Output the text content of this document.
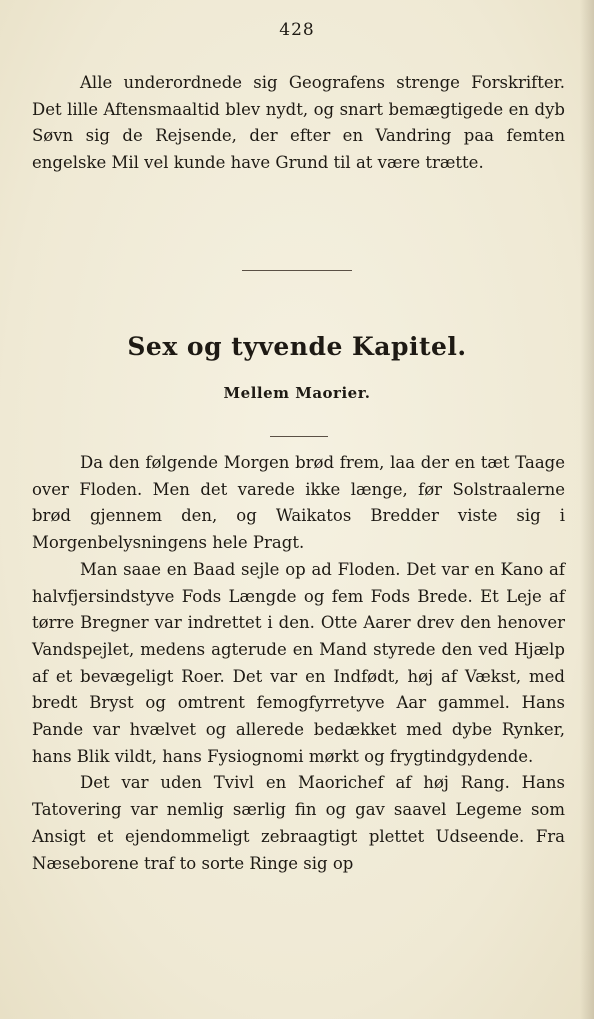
428

Alle underordnede sig Geografens strenge Forskrifter. Det lille Aftensmaaltid blev nydt, og snart bemægtigede en dyb Søvn sig de Rejsende, der efter en Vandring paa femten engelske Mil vel kunde have Grund til at være trætte.

Sex og tyvende Kapitel.
Mellem Maorier.

Da den følgende Morgen brød frem, laa der en tæt Taage over Floden. Men det varede ikke længe, før Solstraalerne brød gjennem den, og Waikatos Bredder viste sig i Morgenbelysningens hele Pragt.

Man saae en Baad sejle op ad Floden. Det var en Kano af halvfjersindstyve Fods Længde og fem Fods Brede. Et Leje af tørre Bregner var indrettet i den. Otte Aarer drev den henover Vandspejlet, medens agterude en Mand styrede den ved Hjælp af et bevægeligt Roer. Det var en Indfødt, høj af Vækst, med bredt Bryst og omtrent femogfyrretyve Aar gammel. Hans Pande var hvælvet og allerede bedækket med dybe Rynker, hans Blik vildt, hans Fysiognomi mørkt og frygtindgydende.

Det var uden Tvivl en Maorichef af høj Rang. Hans Tatovering var nemlig særlig fin og gav saavel Legeme som Ansigt et ejendommeligt zebraagtigt plettet Udseende. Fra Næseborene traf to sorte Ringe sig op
